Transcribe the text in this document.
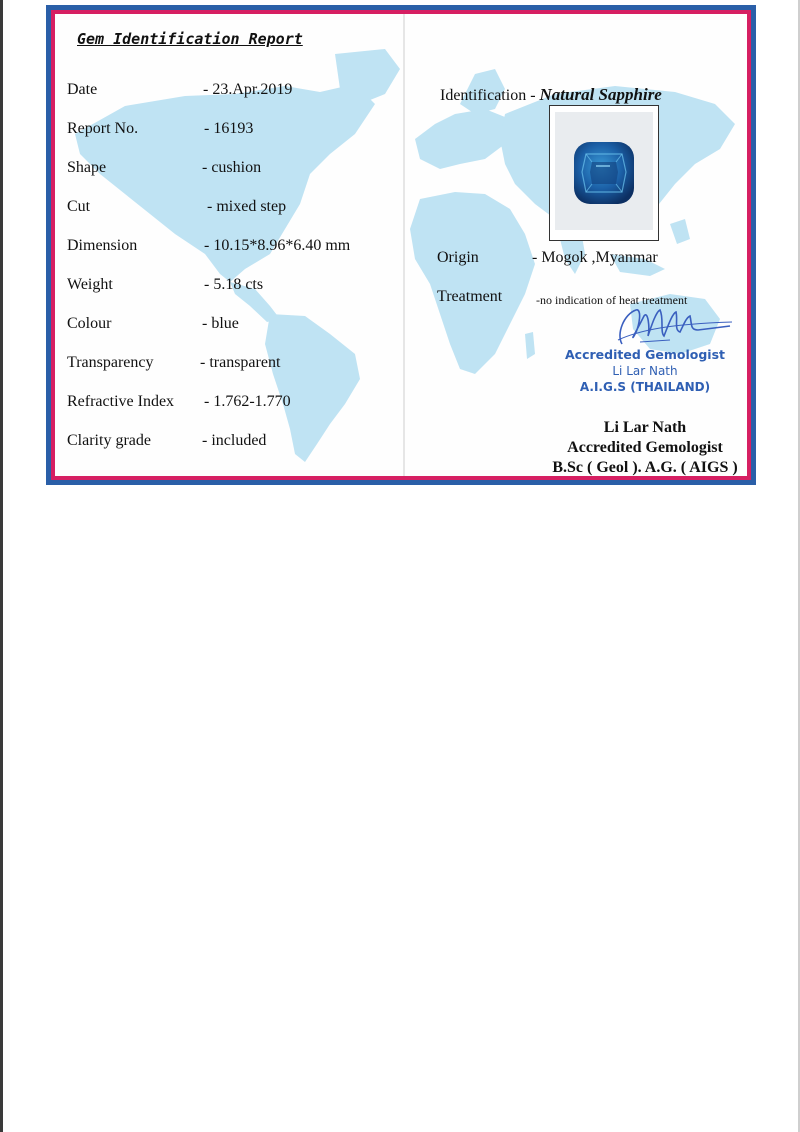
Gem Identification Report
Date	- 23.Apr.2019
Report No.	- 16193
Shape	- cushion
Cut	- mixed step
Dimension	- 10.15*8.96*6.40 mm
Weight	- 5.18 cts
Colour	- blue
Transparency	- transparent
Refractive Index - 1.762-1.770
Clarity grade	- included
Identification - Natural Sapphire
Origin	- Mogok ,Myanmar
Treatment	-no indication of heat treatment
Accredited Gemologist
Li Lar Nath
A.I.G.S (THAILAND)
Li Lar Nath
Accredited Gemologist
B.Sc ( Geol ). A.G. ( AIGS )
